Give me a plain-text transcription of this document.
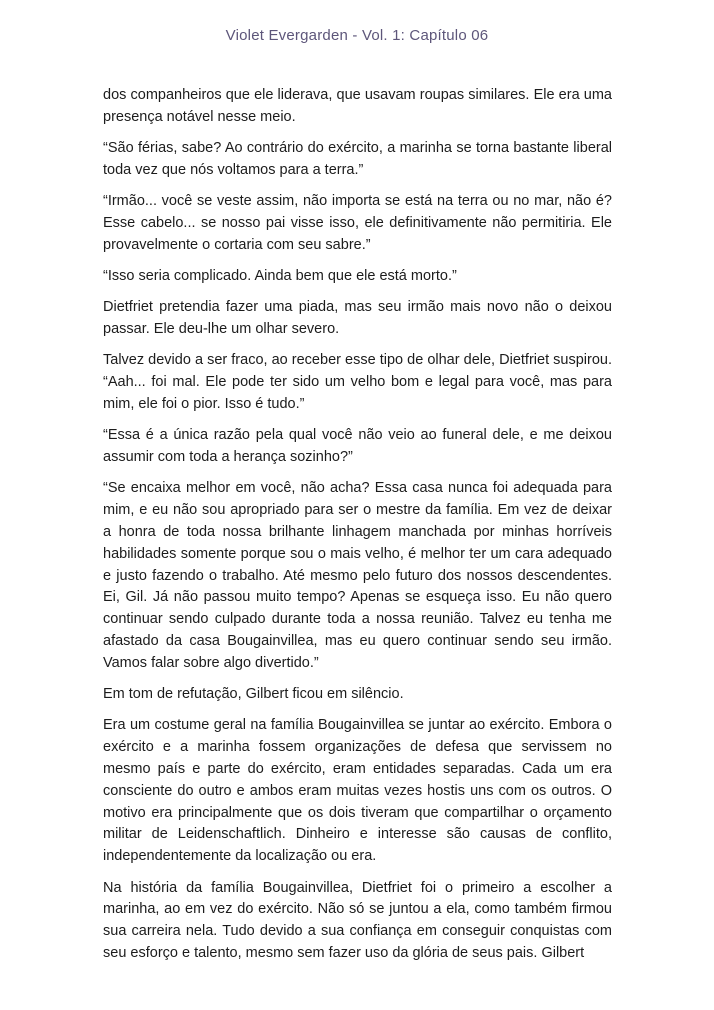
Violet Evergarden - Vol. 1: Capítulo 06

dos companheiros que ele liderava, que usavam roupas similares. Ele era uma presença notável nesse meio.

“São férias, sabe? Ao contrário do exército, a marinha se torna bastante liberal toda vez que nós voltamos para a terra.”

“Irmão... você se veste assim, não importa se está na terra ou no mar, não é? Esse cabelo... se nosso pai visse isso, ele definitivamente não permitiria. Ele provavelmente o cortaria com seu sabre.”

“Isso seria complicado. Ainda bem que ele está morto.”

Dietfriet pretendia fazer uma piada, mas seu irmão mais novo não o deixou passar. Ele deu-lhe um olhar severo.

Talvez devido a ser fraco, ao receber esse tipo de olhar dele, Dietfriet suspirou. “Aah... foi mal. Ele pode ter sido um velho bom e legal para você, mas para mim, ele foi o pior. Isso é tudo.”

“Essa é a única razão pela qual você não veio ao funeral dele, e me deixou assumir com toda a herança sozinho?”

“Se encaixa melhor em você, não acha? Essa casa nunca foi adequada para mim, e eu não sou apropriado para ser o mestre da família. Em vez de deixar a honra de toda nossa brilhante linhagem manchada por minhas horríveis habilidades somente porque sou o mais velho, é melhor ter um cara adequado e justo fazendo o trabalho. Até mesmo pelo futuro dos nossos descendentes. Ei, Gil. Já não passou muito tempo? Apenas se esqueça isso. Eu não quero continuar sendo culpado durante toda a nossa reunião. Talvez eu tenha me afastado da casa Bougainvillea, mas eu quero continuar sendo seu irmão. Vamos falar sobre algo divertido.”

Em tom de refutação, Gilbert ficou em silêncio.

Era um costume geral na família Bougainvillea se juntar ao exército. Embora o exército e a marinha fossem organizações de defesa que servissem no mesmo país e parte do exército, eram entidades separadas. Cada um era consciente do outro e ambos eram muitas vezes hostis uns com os outros. O motivo era principalmente que os dois tiveram que compartilhar o orçamento militar de Leidenschaftlich. Dinheiro e interesse são causas de conflito, independentemente da localização ou era.

Na história da família Bougainvillea, Dietfriet foi o primeiro a escolher a marinha, ao em vez do exército. Não só se juntou a ela, como também firmou sua carreira nela. Tudo devido a sua confiança em conseguir conquistas com seu esforço e talento, mesmo sem fazer uso da glória de seus pais. Gilbert
